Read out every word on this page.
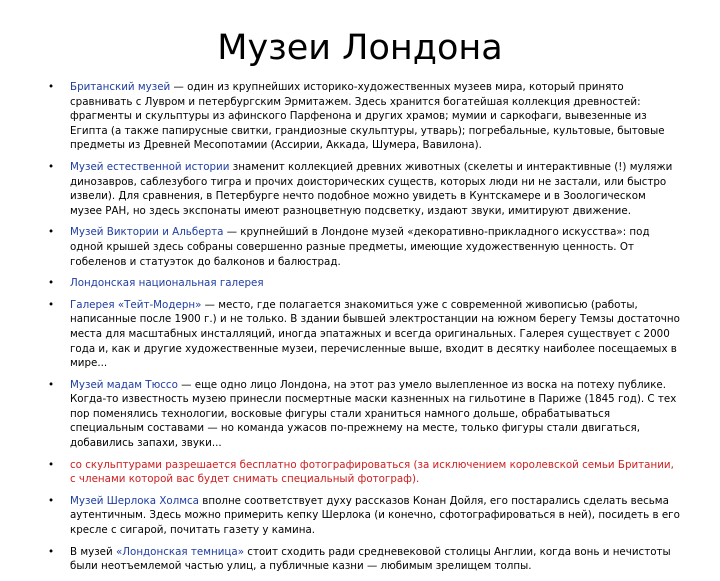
Музеи Лондона
• Британский музей — один из крупнейших историко-художественных музеев мира, который принято сравнивать с Лувром и петербургским Эрмитажем. Здесь хранится богатейшая коллекция древностей: фрагменты и скульптуры из афинского Парфенона и других храмов; мумии и саркофаги, вывезенные из Египта (а также папирусные свитки, грандиозные скульптуры, утварь); погребальные, культовые, бытовые предметы из Древней Месопотамии (Ассирии, Аккада, Шумера, Вавилона).
• Музей естественной истории знаменит коллекцией древних животных (скелеты и интерактивные (!) муляжи динозавров, саблезубого тигра и прочих доисторических существ, которых люди ни не застали, или быстро извели). Для сравнения, в Петербурге нечто подобное можно увидеть в Кунтскамере и в Зоологическом музее РАН, но здесь экспонаты имеют разноцветную подсветку, издают звуки, имитируют движение.
• Музей Виктории и Альберта — крупнейший в Лондоне музей «декоративно-прикладного искусства»: под одной крышей здесь собраны совершенно разные предметы, имеющие художественную ценность. От гобеленов и статуэток до балконов и балюстрад.
• Лондонская национальная галерея
• Галерея «Тейт-Модерн» — место, где полагается знакомиться уже с современной живописью (работы, написанные после 1900 г.) и не только. В здании бывшей электростанции на южном берегу Темзы достаточно места для масштабных инсталляций, иногда эпатажных и всегда оригинальных. Галерея существует с 2000 года и, как и другие художественные музеи, перечисленные выше, входит в десятку наиболее посещаемых в мире...
• Музей мадам Тюссо — еще одно лицо Лондона, на этот раз умело вылепленное из воска на потеху публике. Когда-то известность музею принесли посмертные маски казненных на гильотине в Париже (1845 год). С тех пор поменялись технологии, восковые фигуры стали храниться намного дольше, обрабатываться специальным составами — но команда ужасов по-прежнему на месте, только фигуры стали двигаться, добавились запахи, звуки...
• со скульптурами разрешается бесплатно фотографироваться (за исключением королевской семьи Британии, с членами которой вас будет снимать специальный фотограф).
• Музей Шерлока Холмса вполне соответствует духу рассказов Конан Дойля, его постарались сделать весьма аутентичным. Здесь можно примерить кепку Шерлока (и конечно, сфотографироваться в ней), посидеть в его кресле с сигарой, почитать газету у камина.
• В музей «Лондонская темница» стоит сходить ради средневековой столицы Англии, когда вонь и нечистоты были неотъемлемой частью улиц, а публичные казни — любимым зрелищем толпы.
